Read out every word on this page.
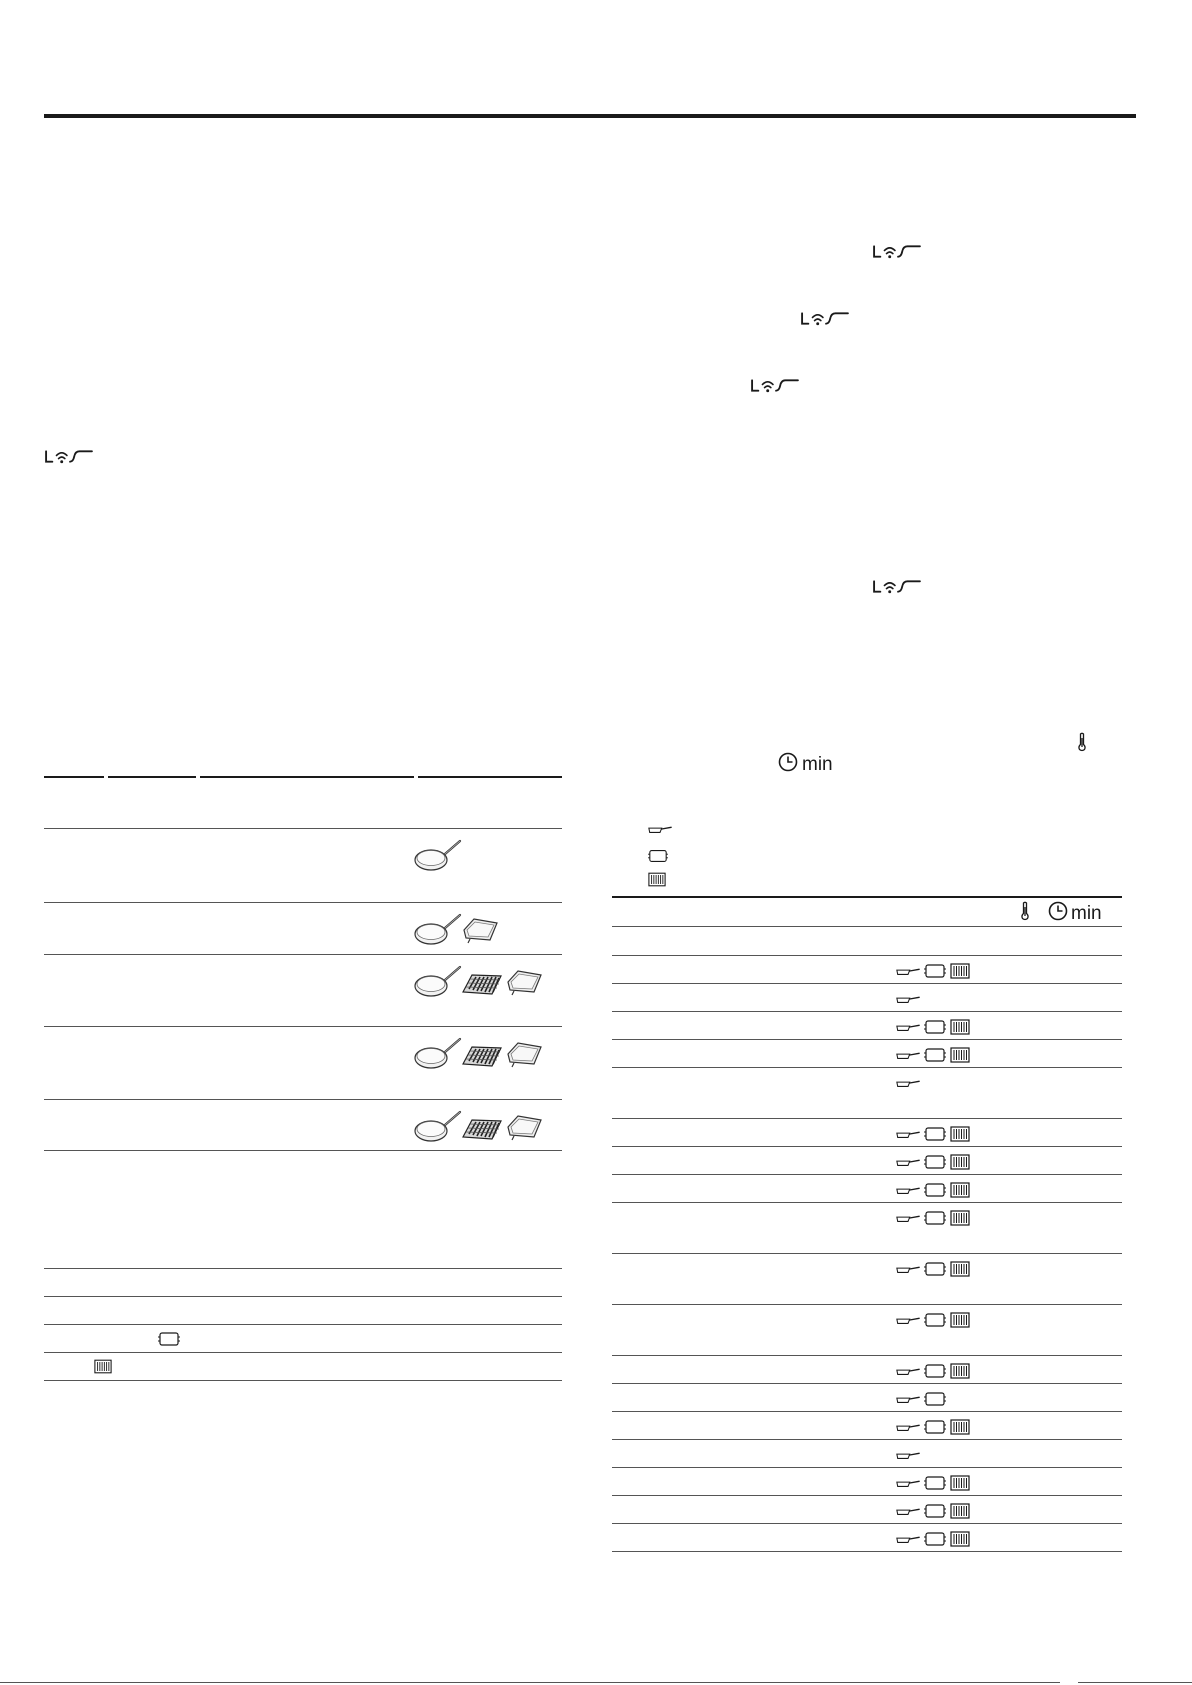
min
min
